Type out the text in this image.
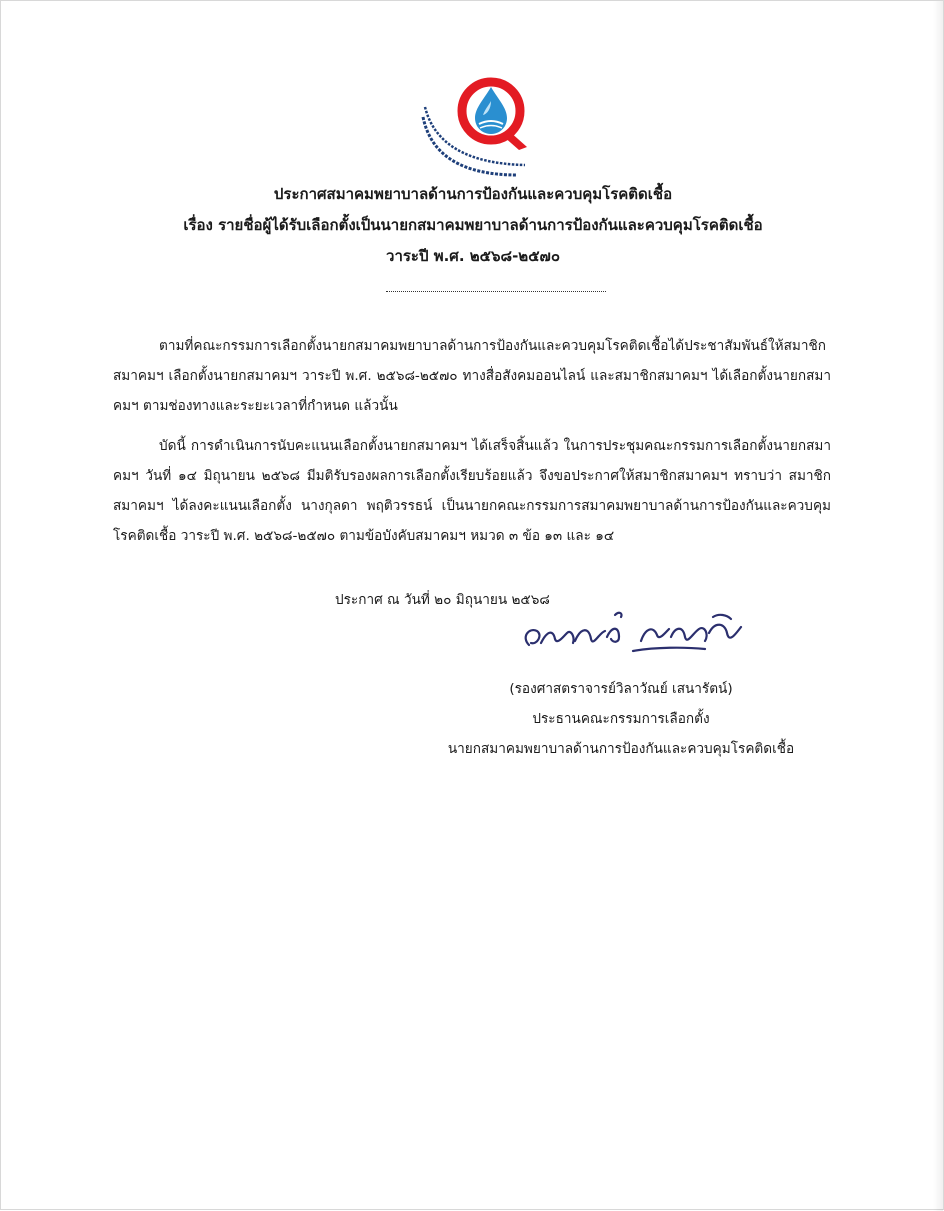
ประกาศสมาคมพยาบาลด้านการป้องกันและควบคุมโรคติดเชื้อ

เรื่อง รายชื่อผู้ได้รับเลือกตั้งเป็นนายกสมาคมพยาบาลด้านการป้องกันและควบคุมโรคติดเชื้อ

วาระปี พ.ศ. ๒๕๖๘-๒๕๗๐

ตามที่คณะกรรมการเลือกตั้งนายกสมาคมพยาบาลด้านการป้องกันและควบคุมโรคติดเชื้อได้ประชาสัมพันธ์ให้สมาชิกสมาคมฯ เลือกตั้งนายกสมาคมฯ วาระปี พ.ศ. ๒๕๖๘-๒๕๗๐ ทางสื่อสังคมออนไลน์ และสมาชิกสมาคมฯ ได้เลือกตั้งนายกสมาคมฯ ตามช่องทางและระยะเวลาที่กำหนด แล้วนั้น

บัดนี้ การดำเนินการนับคะแนนเลือกตั้งนายกสมาคมฯ ได้เสร็จสิ้นแล้ว ในการประชุมคณะกรรมการเลือกตั้งนายกสมาคมฯ วันที่ ๑๔ มิถุนายน ๒๕๖๘ มีมติรับรองผลการเลือกตั้งเรียบร้อยแล้ว จึงขอประกาศให้สมาชิกสมาคมฯ ทราบว่า สมาชิกสมาคมฯ ได้ลงคะแนนเลือกตั้ง นางกุลดา พฤติวรรธน์ เป็นนายกคณะกรรมการสมาคมพยาบาลด้านการป้องกันและควบคุมโรคติดเชื้อ วาระปี พ.ศ. ๒๕๖๘-๒๕๗๐ ตามข้อบังคับสมาคมฯ หมวด ๓ ข้อ ๑๓ และ ๑๔

ประกาศ ณ วันที่ ๒๐ มิถุนายน ๒๕๖๘
(รองศาสตราจารย์วิลาวัณย์ เสนารัตน์)
ประธานคณะกรรมการเลือกตั้ง
นายกสมาคมพยาบาลด้านการป้องกันและควบคุมโรคติดเชื้อ
